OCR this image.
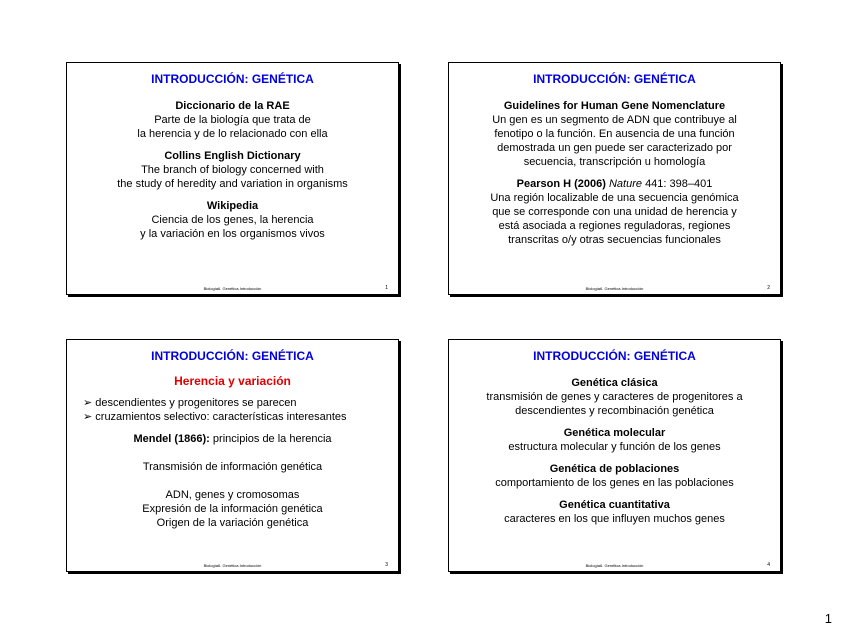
INTRODUCCIÓN: GENÉTICA

Diccionario de la RAE

Parte de la biología que trata de

la herencia y de lo relacionado con ella

Collins English Dictionary

The branch of biology concerned with

the study of heredity and variation in organisms

Wikipedia

Ciencia de los genes, la herencia

y la variación en los organismos vivos

Biología6. Genética.Introducción	1
INTRODUCCIÓN: GENÉTICA

Guidelines for Human Gene Nomenclature

Un gen es un segmento de ADN que contribuye al

fenotipo o la función. En ausencia de una función

demostrada un gen puede ser caracterizado por

secuencia, transcripción u homología

Pearson H (2006) Nature 441: 398–401

Una región localizable de una secuencia genómica

que se corresponde con una unidad de herencia y

está asociada a regiones reguladoras, regiones

transcritas o/y otras secuencias funcionales

Biología6. Genética.Introducción	2
INTRODUCCIÓN: GENÉTICA

Herencia y variación

➢ descendientes y progenitores se parecen

➢ cruzamientos selectivo: características interesantes

Mendel (1866): principios de la herencia

Transmisión de información genética

ADN, genes y cromosomas

Expresión de la información genética

Origen de la variación genética

Biología6. Genética.Introducción	3
INTRODUCCIÓN: GENÉTICA

Genética clásica

transmisión de genes y caracteres de progenitores a

descendientes y recombinación genética

Genética molecular

estructura molecular y función de los genes

Genética de poblaciones

comportamiento de los genes en las poblaciones

Genética cuantitativa

caracteres en los que influyen muchos genes

Biología6. Genética.Introducción	4
1
